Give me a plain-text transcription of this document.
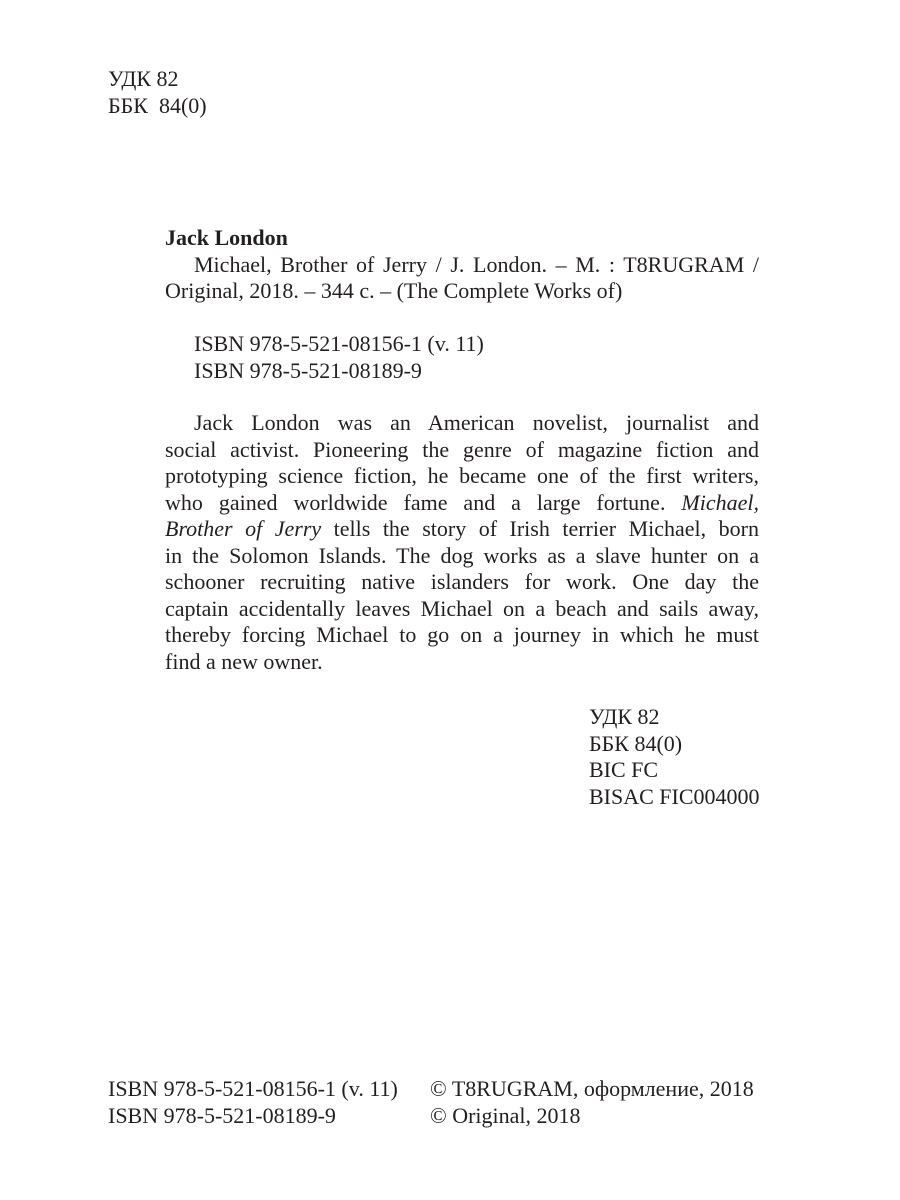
УДК 82
ББК  84(0)
Jack London
Michael, Brother of Jerry / J. London. – M. : T8RUGRAM /
Original, 2018. – 344 c. – (The Complete Works of)
ISBN 978-5-521-08156-1 (v. 11)
ISBN 978-5-521-08189-9
Jack London was an American novelist, journalist and
social activist. Pioneering the genre of magazine fiction and
prototyping science fiction, he became one of the first writers,
who gained worldwide fame and a large fortune. Michael,
Brother of Jerry tells the story of Irish terrier Michael, born
in the Solomon Islands. The dog works as a slave hunter on a
schooner recruiting native islanders for work. One day the
captain accidentally leaves Michael on a beach and sails away,
thereby forcing Michael to go on a journey in which he must
find a new owner.
УДК 82
ББК 84(0)
BIC FC
BISAC FIC004000
ISBN 978-5-521-08156-1 (v. 11)
ISBN 978-5-521-08189-9
© T8RUGRAM, оформление, 2018
© Original, 2018
